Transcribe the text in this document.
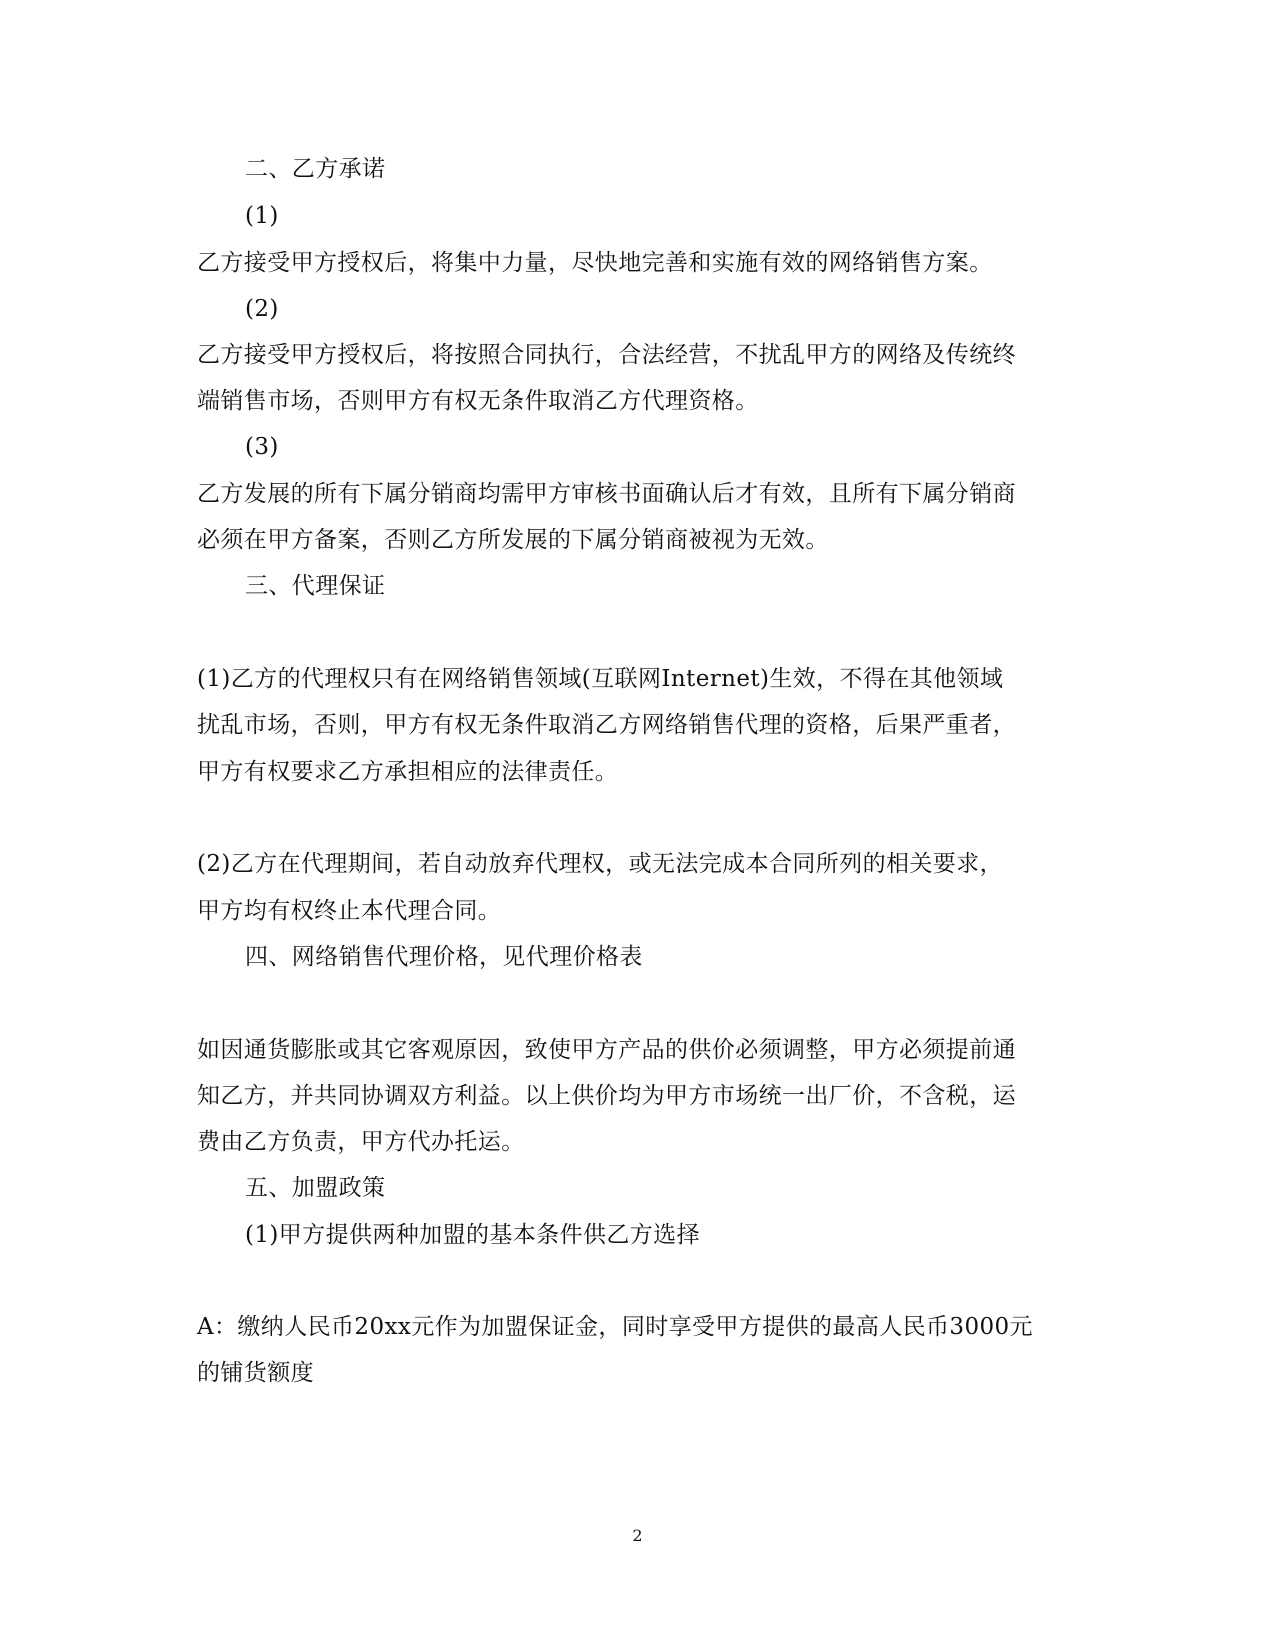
二、乙方承诺
(1)
乙方接受甲方授权后，将集中力量，尽快地完善和实施有效的网络销售方案。
(2)
乙方接受甲方授权后，将按照合同执行，合法经营，不扰乱甲方的网络及传统终
端销售市场，否则甲方有权无条件取消乙方代理资格。
(3)
乙方发展的所有下属分销商均需甲方审核书面确认后才有效，且所有下属分销商
必须在甲方备案，否则乙方所发展的下属分销商被视为无效。
三、代理保证
(1)乙方的代理权只有在网络销售领域(互联网Internet)生效，不得在其他领域
扰乱市场，否则，甲方有权无条件取消乙方网络销售代理的资格，后果严重者，
甲方有权要求乙方承担相应的法律责任。
(2)乙方在代理期间，若自动放弃代理权，或无法完成本合同所列的相关要求，
甲方均有权终止本代理合同。
四、网络销售代理价格，见代理价格表
如因通货膨胀或其它客观原因，致使甲方产品的供价必须调整，甲方必须提前通
知乙方，并共同协调双方利益。以上供价均为甲方市场统一出厂价，不含税，运
费由乙方负责，甲方代办托运。
五、加盟政策
(1)甲方提供两种加盟的基本条件供乙方选择
A：缴纳人民币20xx元作为加盟保证金，同时享受甲方提供的最高人民币3000元
的铺货额度
2
